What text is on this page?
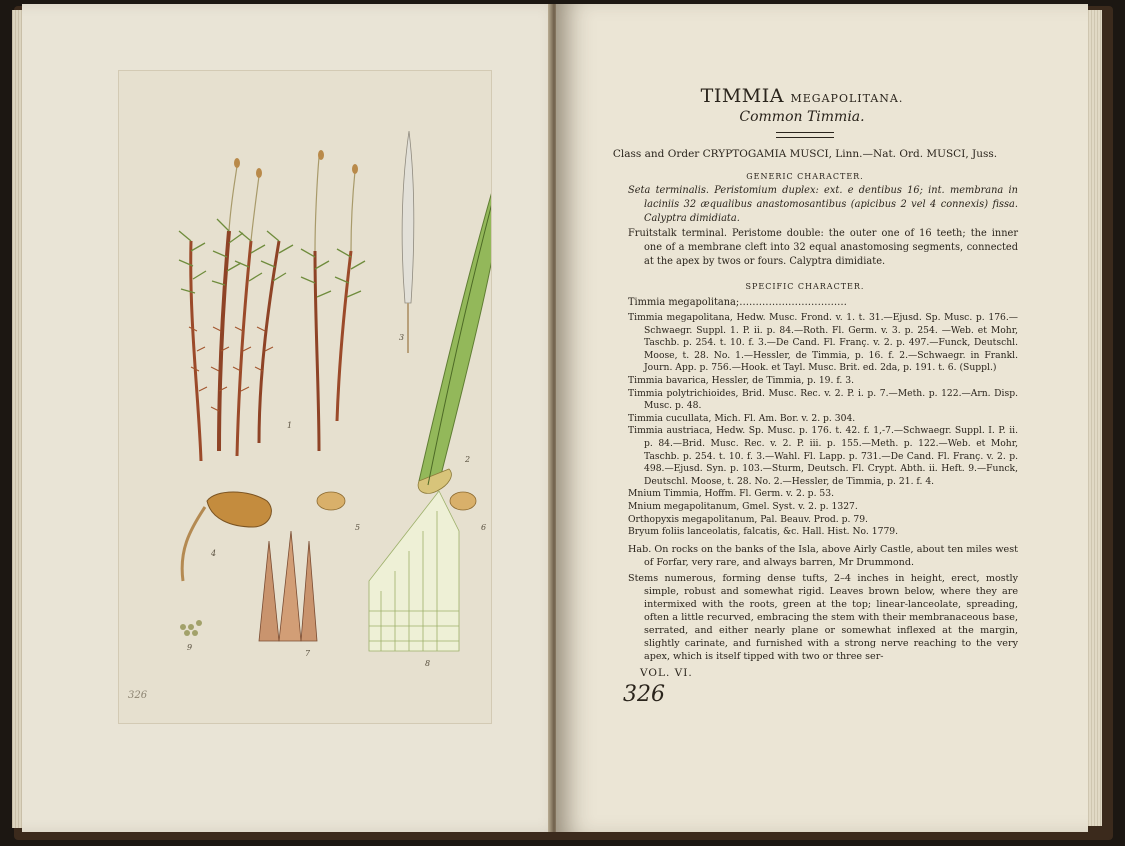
1
2
3
4
5	6
7
8
9
326
TIMMIA MEGAPOLITANA.
Common Timmia.
Class and Order CRYPTOGAMIA MUSCI, Linn.—Nat. Ord. MUSCI, Juss.
GENERIC CHARACTER.
Seta terminalis. Peristomium duplex: ext. e dentibus 16; int. membrana in laciniis 32 æqualibus anastomosantibus (apicibus 2 vel 4 connexis) fissa. Calyptra dimidiata.
Fruitstalk terminal. Peristome double: the outer one of 16 teeth; the inner one of a membrane cleft into 32 equal anastomosing segments, connected at the apex by twos or fours. Calyptra dimidiate.
SPECIFIC CHARACTER.
Timmia megapolitana;……………………………
Timmia megapolitana, Hedw. Musc. Frond. v. 1. t. 31.—Ejusd. Sp. Musc. p. 176.—Schwaegr. Suppl. 1. P. ii. p. 84.—Roth. Fl. Germ. v. 3. p. 254. —Web. et Mohr, Taschb. p. 254. t. 10. f. 3.—De Cand. Fl. Franç. v. 2. p. 497.—Funck, Deutschl. Moose, t. 28. No. 1.—Hessler, de Timmia, p. 16. f. 2.—Schwaegr. in Frankl. Journ. App. p. 756.—Hook. et Tayl. Musc. Brit. ed. 2da, p. 191. t. 6. (Suppl.)
Timmia bavarica, Hessler, de Timmia, p. 19. f. 3.
Timmia polytrichioides, Brid. Musc. Rec. v. 2. P. i. p. 7.—Meth. p. 122.—Arn. Disp. Musc. p. 48.
Timmia cucullata, Mich. Fl. Am. Bor. v. 2. p. 304.
Timmia austriaca, Hedw. Sp. Musc. p. 176. t. 42. f. 1,-7.—Schwaegr. Suppl. I. P. ii. p. 84.—Brid. Musc. Rec. v. 2. P. iii. p. 155.—Meth. p. 122.—Web. et Mohr, Taschb. p. 254. t. 10. f. 3.—Wahl. Fl. Lapp. p. 731.—De Cand. Fl. Franç. v. 2. p. 498.—Ejusd. Syn. p. 103.—Sturm, Deutsch. Fl. Crypt. Abth. ii. Heft. 9.—Funck, Deutschl. Moose, t. 28. No. 2.—Hessler, de Timmia, p. 21. f. 4.
Mnium Timmia, Hoffm. Fl. Germ. v. 2. p. 53.
Mnium megapolitanum, Gmel. Syst. v. 2. p. 1327.
Orthopyxis megapolitanum, Pal. Beauv. Prod. p. 79.
Bryum foliis lanceolatis, falcatis, &c. Hall. Hist. No. 1779.
Hab. On rocks on the banks of the Isla, above Airly Castle, about ten miles west of Forfar, very rare, and always barren, Mr Drummond.
Stems numerous, forming dense tufts, 2–4 inches in height, erect, mostly simple, robust and somewhat rigid. Leaves brown below, where they are intermixed with the roots, green at the top; linear-lanceolate, spreading, often a little recurved, embracing the stem with their membranaceous base, serrated, and either nearly plane or somewhat inflexed at the margin, slightly carinate, and furnished with a strong nerve reaching to the very apex, which is itself tipped with two or three ser-
VOL. VI.
326
